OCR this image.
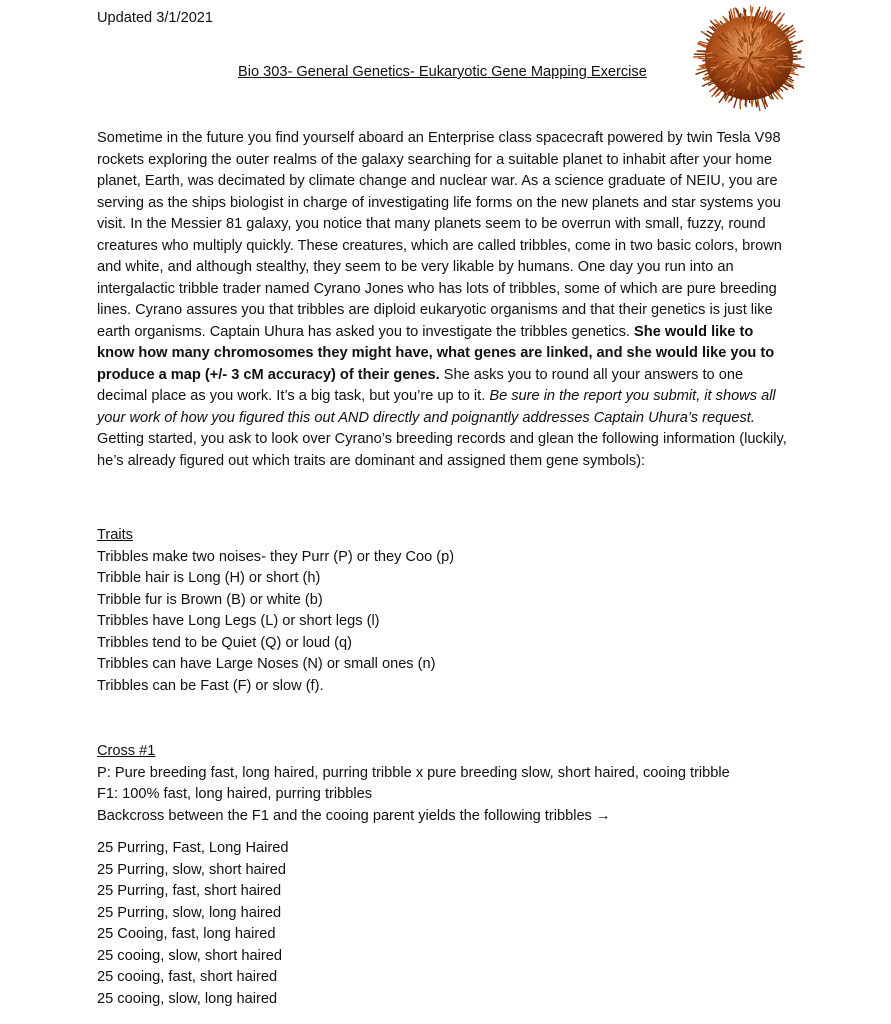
Updated 3/1/2021
Bio 303- General Genetics- Eukaryotic Gene Mapping Exercise

Sometime in the future you find yourself aboard an Enterprise class spacecraft powered by twin Tesla V98 rockets exploring the outer realms of the galaxy searching for a suitable planet to inhabit after your home planet, Earth, was decimated by climate change and nuclear war. As a science graduate of NEIU, you are serving as the ships biologist in charge of investigating life forms on the new planets and star systems you visit. In the Messier 81 galaxy, you notice that many planets seem to be overrun with small, fuzzy, round creatures who multiply quickly. These creatures, which are called tribbles, come in two basic colors, brown and white, and although stealthy, they seem to be very likable by humans. One day you run into an intergalactic tribble trader named Cyrano Jones who has lots of tribbles, some of which are pure breeding lines. Cyrano assures you that tribbles are diploid eukaryotic organisms and that their genetics is just like earth organisms. Captain Uhura has asked you to investigate the tribbles genetics. She would like to know how many chromosomes they might have, what genes are linked, and she would like you to produce a map (+/- 3 cM accuracy) of their genes. She asks you to round all your answers to one decimal place as you work. It’s a big task, but you’re up to it. Be sure in the report you submit, it shows all your work of how you figured this out AND directly and poignantly addresses Captain Uhura’s request. Getting started, you ask to look over Cyrano’s breeding records and glean the following information (luckily, he’s already figured out which traits are dominant and assigned them gene symbols):

Traits
Tribbles make two noises- they Purr (P) or they Coo (p)
Tribble hair is Long (H) or short (h)
Tribble fur is Brown (B) or white (b)
Tribbles have Long Legs (L) or short legs (l)
Tribbles tend to be Quiet (Q) or loud (q)
Tribbles can have Large Noses (N) or small ones (n)
Tribbles can be Fast (F) or slow (f).
Cross #1
P: Pure breeding fast, long haired, purring tribble x pure breeding slow, short haired, cooing tribble
F1: 100% fast, long haired, purring tribbles
Backcross between the F1 and the cooing parent yields the following tribbles →
25 Purring, Fast, Long Haired
25 Purring, slow, short haired
25 Purring, fast, short haired
25 Purring, slow, long haired
25 Cooing, fast, long haired
25 cooing, slow, short haired
25 cooing, fast, short haired
25 cooing, slow, long haired
